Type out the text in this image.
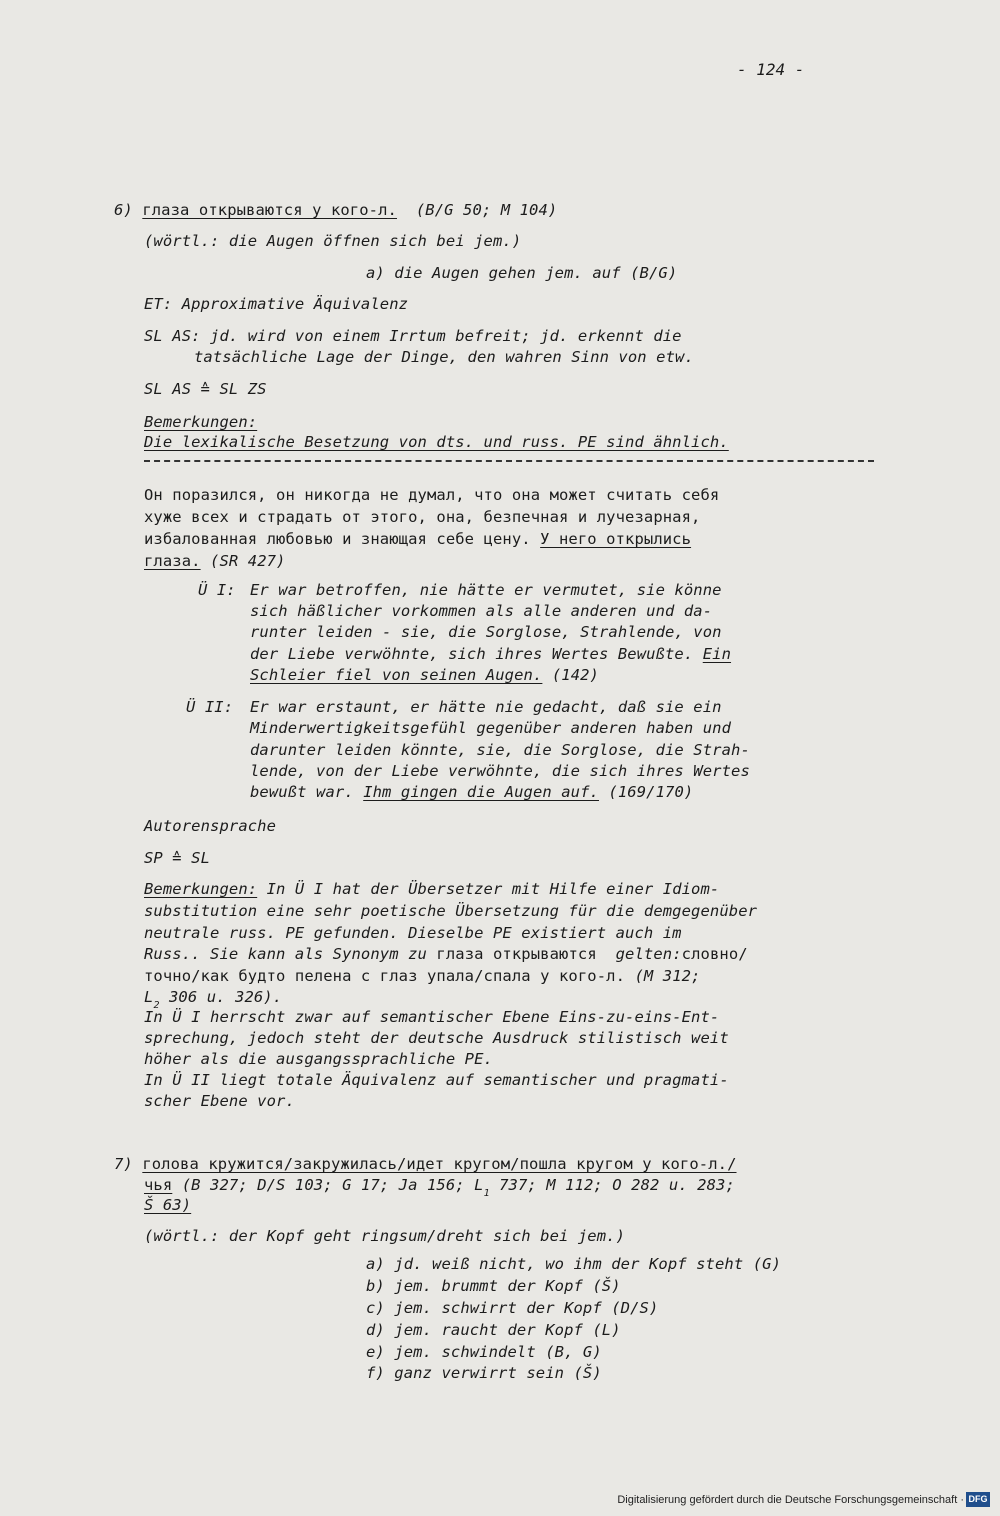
- 124 -
6) глаза открываются у кого-л. (B/G 50; M 104)
(wörtl.: die Augen öffnen sich bei jem.)
a) die Augen gehen jem. auf (B/G)
ET: Approximative Äquivalenz
SL AS: jd. wird von einem Irrtum befreit; jd. erkennt die
tatsächliche Lage der Dinge, den wahren Sinn von etw.
SL AS ≙ SL ZS
Bemerkungen:
Die lexikalische Besetzung von dts. und russ. PE sind ähnlich.
Он поразился, он никогда не думал, что она может считать себя
хуже всех и страдать от этого, она, безпечная и лучезарная,
избалованная любовью и знающая себе цену. У него открылись
глаза. (SR 427)
Ü I: Er war betroffen, nie hätte er vermutet, sie könne
sich häßlicher vorkommen als alle anderen und da-
runter leiden - sie, die Sorglose, Strahlende, von
der Liebe verwöhnte, sich ihres Wertes Bewußte. Ein
Schleier fiel von seinen Augen. (142)
Ü II: Er war erstaunt, er hätte nie gedacht, daß sie ein
Minderwertigkeitsgefühl gegenüber anderen haben und
darunter leiden könnte, sie, die Sorglose, die Strah-
lende, von der Liebe verwöhnte, die sich ihres Wertes
bewußt war. Ihm gingen die Augen auf. (169/170)
Autorensprache
SP ≙ SL
Bemerkungen: In Ü I hat der Übersetzer mit Hilfe einer Idiom-
substitution eine sehr poetische Übersetzung für die demgegenüber
neutrale russ. PE gefunden. Dieselbe PE existiert auch im
Russ.. Sie kann als Synonym zu глаза открываются gelten:словно/
точно/как будто пелена с глаз упала/спала у кого-л. (M 312;
$L_2$ 306 u. 326).
In Ü I herrscht zwar auf semantischer Ebene Eins-zu-eins-Ent-
sprechung, jedoch steht der deutsche Ausdruck stilistisch weit
höher als die ausgangssprachliche PE.
In Ü II liegt totale Äquivalenz auf semantischer und pragmati-
scher Ebene vor.
7) голова кружится/закружилась/идет кругом/пошла кругом у кого-л./
чья (B 327; D/S 103; G 17; Ja 156; $L_1$ 737; M 112; O 282 u. 283;
Š 63)
(wörtl.: der Kopf geht ringsum/dreht sich bei jem.)
a) jd. weiß nicht, wo ihm der Kopf steht (G)
b) jem. brummt der Kopf (Š)
c) jem. schwirrt der Kopf (D/S)
d) jem. raucht der Kopf (L)
e) jem. schwindelt (B, G)
f) ganz verwirrt sein (Š)
Digitalisierung gefördert durch die Deutsche Forschungsgemeinschaft · DFG
